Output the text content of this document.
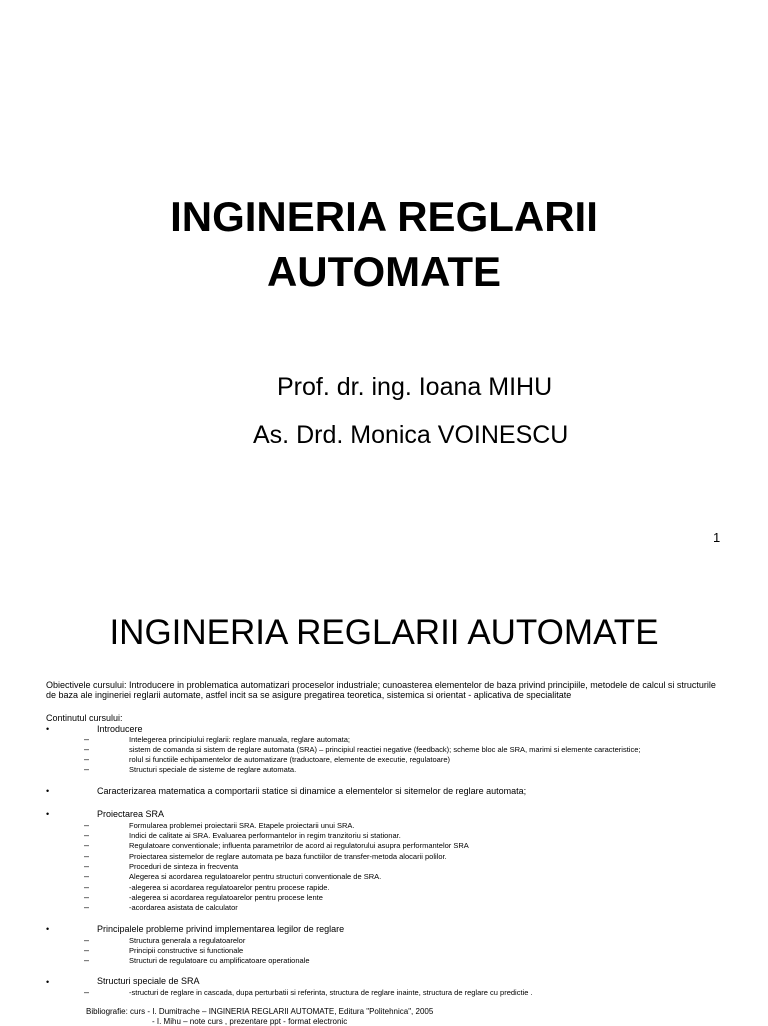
INGINERIA REGLARII
AUTOMATE
Prof. dr. ing. Ioana MIHU
As. Drd. Monica VOINESCU
1
INGINERIA REGLARII AUTOMATE
Obiectivele cursului: Introducere in problematica automatizari proceselor industriale; cunoasterea elementelor de baza privind principiile, metodele de calcul si structurile de baza ale ingineriei reglarii automate, astfel incit sa se asigure pregatirea teoretica, sistemica si orientat - aplicativa de specialitate
Continutul cursului:
•	Introducere
–	Intelegerea principiului reglarii: reglare manuala, reglare automata;
–	sistem de comanda si sistem de reglare automata (SRA) – principiul reactiei negative (feedback); scheme bloc ale SRA, marimi si elemente caracteristice;
–	rolul si functiile echipamentelor de automatizare (traductoare, elemente de executie, regulatoare)
–	Structuri speciale de sisteme de reglare automata.
•	Caracterizarea matematica a comportarii statice si dinamice a elementelor si sitemelor de reglare automata;
•	Proiectarea SRA
–	Formularea problemei proiectarii SRA. Etapele proiectarii unui SRA.
–	Indici de calitate ai SRA. Evaluarea performantelor in regim tranzitoriu si stationar.
–	Regulatoare conventionale; influenta parametrilor de acord ai regulatorului asupra performantelor SRA
–	Proiectarea sistemelor de reglare automata pe baza functiilor de transfer-metoda alocarii polilor.
–	Proceduri de sinteza in frecventa
–	Alegerea si acordarea regulatoarelor pentru structuri conventionale de SRA.
–	-alegerea si acordarea regulatoarelor pentru procese rapide.
–	-alegerea si acordarea regulatoarelor pentru procese lente
–	-acordarea asistata de calculator
•	Principalele probleme privind implementarea legilor de reglare
–	Structura generala a regulatoarelor
–	Principii constructive si functionale
–	Structuri de regulatoare cu amplificatoare operationale
•	Structuri speciale de SRA
–	-structuri de reglare in cascada, dupa perturbatii si referinta, structura de reglare inainte, structura de reglare cu predictie .
Bibliografie: curs - I. Dumitrache – INGINERIA REGLARII AUTOMATE, Editura "Politehnica", 2005
- I. Mihu – note curs , prezentare ppt - format electronic
